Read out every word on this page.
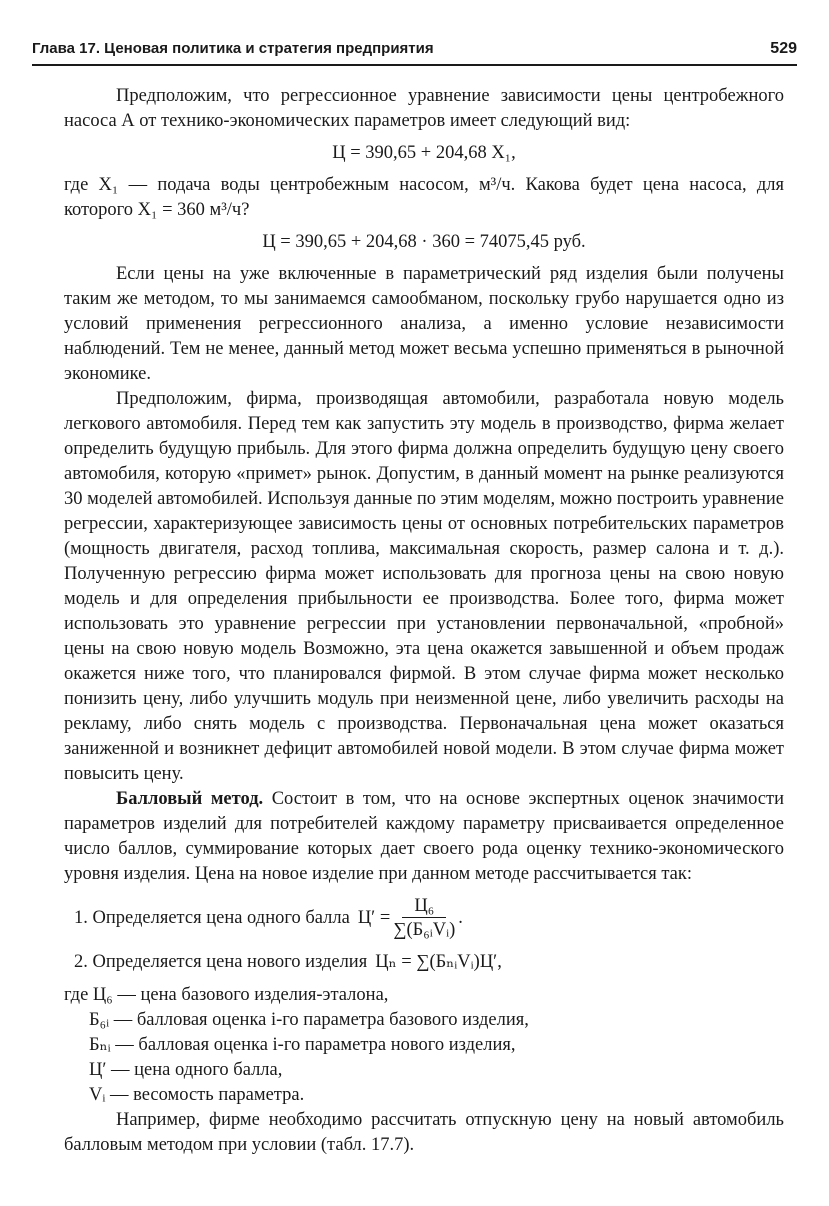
Глава 17. Ценовая политика и стратегия предприятия	529

Предположим, что регрессионное уравнение зависимости цены центробежного насоса А от технико-экономических параметров имеет следующий вид:

Ц = 390,65 + 204,68 X₁,

где X₁ — подача воды центробежным насосом, м³/ч. Какова будет цена насоса, для которого X₁ = 360 м³/ч?

Ц = 390,65 + 204,68 · 360 = 74075,45 руб.

Если цены на уже включенные в параметрический ряд изделия были получены таким же методом, то мы занимаемся самообманом, поскольку грубо нарушается одно из условий применения регрессионного анализа, а именно условие независимости наблюдений. Тем не менее, данный метод может весьма успешно применяться в рыночной экономике.

Предположим, фирма, производящая автомобили, разработала новую модель легкового автомобиля. Перед тем как запустить эту модель в производство, фирма желает определить будущую прибыль. Для этого фирма должна определить будущую цену своего автомобиля, которую «примет» рынок. Допустим, в данный момент на рынке реализуются 30 моделей автомобилей. Используя данные по этим моделям, можно построить уравнение регрессии, характеризующее зависимость цены от основных потребительских параметров (мощность двигателя, расход топлива, максимальная скорость, размер салона и т. д.). Полученную регрессию фирма может использовать для прогноза цены на свою новую модель и для определения прибыльности ее производства. Более того, фирма может использовать это уравнение регрессии при установлении первоначальной, «пробной» цены на свою новую модель Возможно, эта цена окажется завышенной и объем продаж окажется ниже того, что планировался фирмой. В этом случае фирма может несколько понизить цену, либо улучшить модуль при неизменной цене, либо увеличить расходы на рекламу, либо снять модель с производства. Первоначальная цена может оказаться заниженной и возникнет дефицит автомобилей новой модели. В этом случае фирма может повысить цену.

Балловый метод. Состоит в том, что на основе экспертных оценок значимости параметров изделий для потребителей каждому параметру присваивается определенное число баллов, суммирование которых дает своего рода оценку технико-экономического уровня изделия. Цена на новое изделие при данном методе рассчитывается так:

1. Определяется цена одного балла $Ц' = \frac{\text{Ц₆}}{\text{∑(Б₆ᵢVᵢ)}}$ .
2. Определяется цена нового изделия Цₙ = ∑(БₙᵢVᵢ)Ц′,

где Ц₆ — цена базового изделия-эталона,

Б₆ᵢ — балловая оценка i-го параметра базового изделия,

Бₙᵢ — балловая оценка i-го параметра нового изделия,

Ц′ — цена одного балла,

Vᵢ — весомость параметра.

Например, фирме необходимо рассчитать отпускную цену на новый автомобиль балловым методом при условии (табл. 17.7).
